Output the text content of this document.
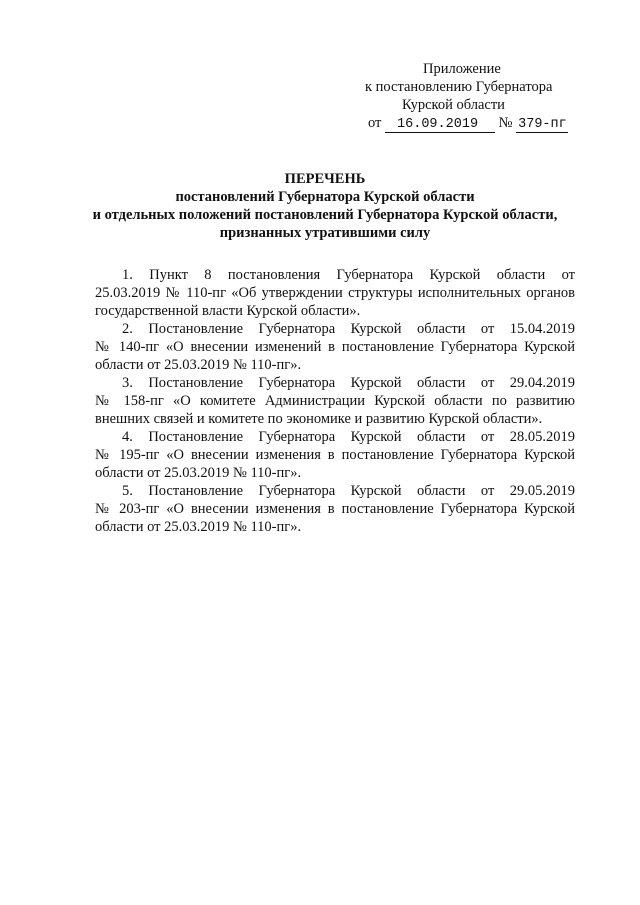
Приложение
к постановлению Губернатора
Курской области
от 16.09.2019 № 379-пг
ПЕРЕЧЕНЬ
постановлений Губернатора Курской области
и отдельных положений постановлений Губернатора Курской области,
признанных утратившими силу
1. Пункт 8 постановления Губернатора Курской области от
25.03.2019 № 110-пг «Об утверждении структуры исполнительных органов
государственной власти Курской области».
2. Постановление Губернатора Курской области от 15.04.2019
№ 140-пг «О внесении изменений в постановление Губернатора Курской
области от 25.03.2019 № 110-пг».
3. Постановление Губернатора Курской области от 29.04.2019
№ 158-пг «О комитете Администрации Курской области по развитию
внешних связей и комитете по экономике и развитию Курской области».
4. Постановление Губернатора Курской области от 28.05.2019
№ 195-пг «О внесении изменения в постановление Губернатора Курской
области от 25.03.2019 № 110-пг».
5. Постановление Губернатора Курской области от 29.05.2019
№ 203-пг «О внесении изменения в постановление Губернатора Курской
области от 25.03.2019 № 110-пг».
